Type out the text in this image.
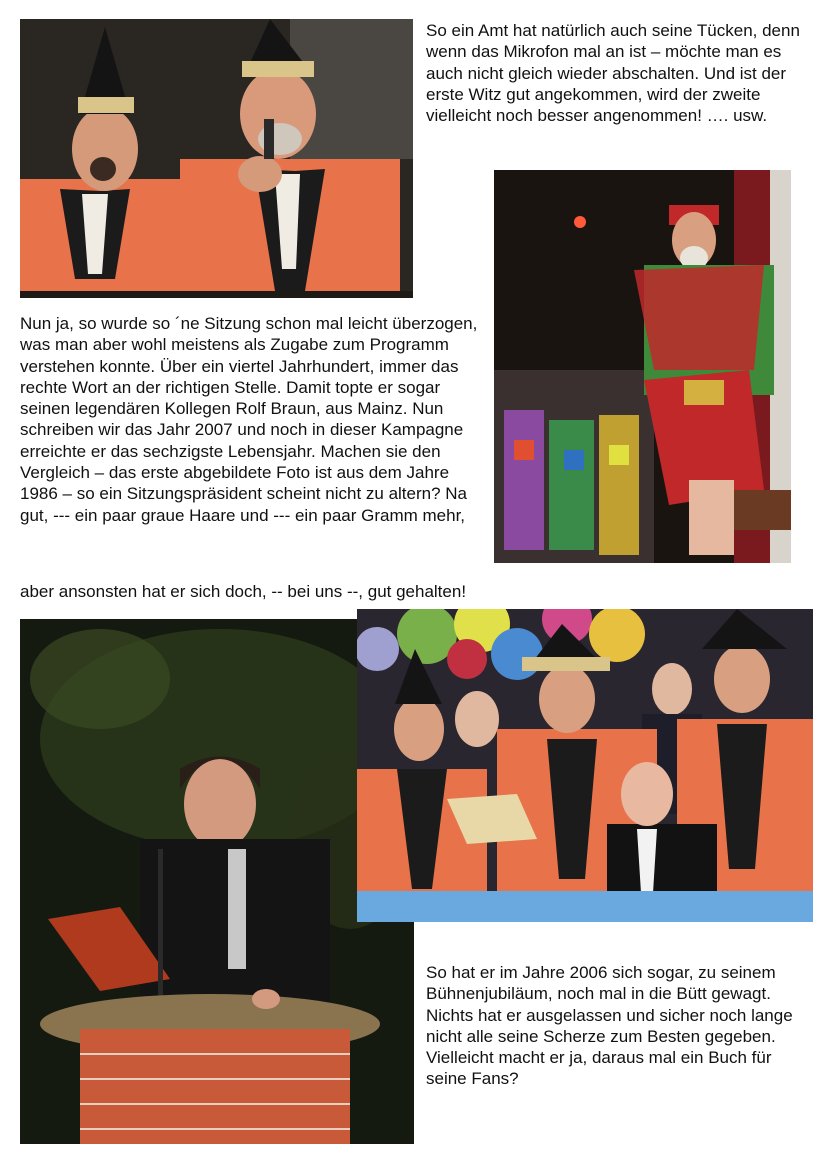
So ein Amt hat natürlich auch seine Tücken, denn wenn das Mikrofon mal an ist – möchte man es auch nicht gleich wieder abschalten. Und ist der erste Witz gut angekommen, wird der zweite vielleicht noch besser angenommen! …. usw.

Nun ja, so wurde so ´ne Sitzung schon mal leicht überzogen, was man aber wohl meistens als Zugabe zum Programm verstehen konnte. Über ein viertel Jahrhundert, immer das rechte Wort an der richtigen Stelle. Damit topte er sogar seinen legendären Kollegen Rolf Braun, aus Mainz. Nun schreiben wir das Jahr 2007 und noch in dieser Kampagne erreichte er das sechzigste Lebensjahr. Machen sie den Vergleich – das erste abgebildete Foto ist aus dem Jahre 1986 – so ein Sitzungspräsident scheint nicht zu altern? Na gut, --- ein paar graue Haare und --- ein paar Gramm mehr,

aber ansonsten hat er sich doch, -- bei uns --, gut gehalten!

So hat er im Jahre 2006 sich sogar, zu seinem Bühnenjubiläum, noch mal in die Bütt gewagt. Nichts hat er ausgelassen und sicher noch lange nicht alle seine Scherze zum Besten gegeben. Vielleicht macht er ja, daraus mal ein Buch für seine Fans?
